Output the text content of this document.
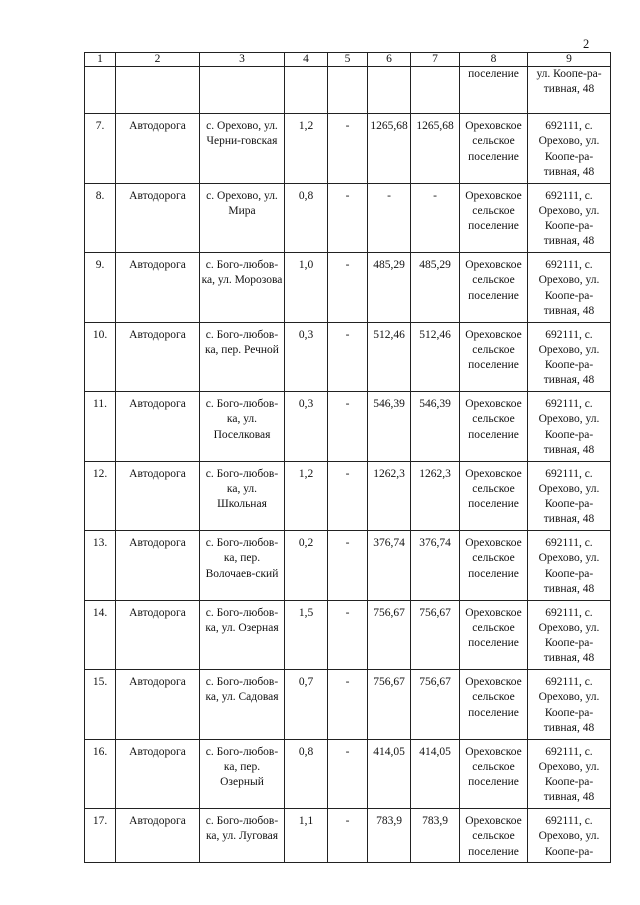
2
1	2	3	4	5	6	7	8	9
							поселение	ул. Коопе-ра-тивная, 48
7.	Автодорога	с. Орехово, ул. Черни-говская	1,2	-	1265,68	1265,68	Ореховское сельское поселение	692111, с. Орехово, ул. Коопе-ра-тивная, 48
8.	Автодорога	с. Орехово, ул. Мира	0,8	-	-	-	Ореховское сельское поселение	692111, с. Орехово, ул. Коопе-ра-тивная, 48
9.	Автодорога	с. Бого-любов-ка, ул. Морозова	1,0	-	485,29	485,29	Ореховское сельское поселение	692111, с. Орехово, ул. Коопе-ра-тивная, 48
10.	Автодорога	с. Бого-любов-ка, пер. Речной	0,3	-	512,46	512,46	Ореховское сельское поселение	692111, с. Орехово, ул. Коопе-ра-тивная, 48
11.	Автодорога	с. Бого-любов-ка, ул. Поселковая	0,3	-	546,39	546,39	Ореховское сельское поселение	692111, с. Орехово, ул. Коопе-ра-тивная, 48
12.	Автодорога	с. Бого-любов-ка, ул. Школьная	1,2	-	1262,3	1262,3	Ореховское сельское поселение	692111, с. Орехово, ул. Коопе-ра-тивная, 48
13.	Автодорога	с. Бого-любов-ка, пер. Волочаев-ский	0,2	-	376,74	376,74	Ореховское сельское поселение	692111, с. Орехово, ул. Коопе-ра-тивная, 48
14.	Автодорога	с. Бого-любов-ка, ул. Озерная	1,5	-	756,67	756,67	Ореховское сельское поселение	692111, с. Орехово, ул. Коопе-ра-тивная, 48
15.	Автодорога	с. Бого-любов-ка, ул. Садовая	0,7	-	756,67	756,67	Ореховское сельское поселение	692111, с. Орехово, ул. Коопе-ра-тивная, 48
16.	Автодорога	с. Бого-любов-ка, пер. Озерный	0,8	-	414,05	414,05	Ореховское сельское поселение	692111, с. Орехово, ул. Коопе-ра-тивная, 48
17.	Автодорога	с. Бого-любов-ка, ул. Луговая	1,1	-	783,9	783,9	Ореховское сельское поселение	692111, с. Орехово, ул. Коопе-ра-
